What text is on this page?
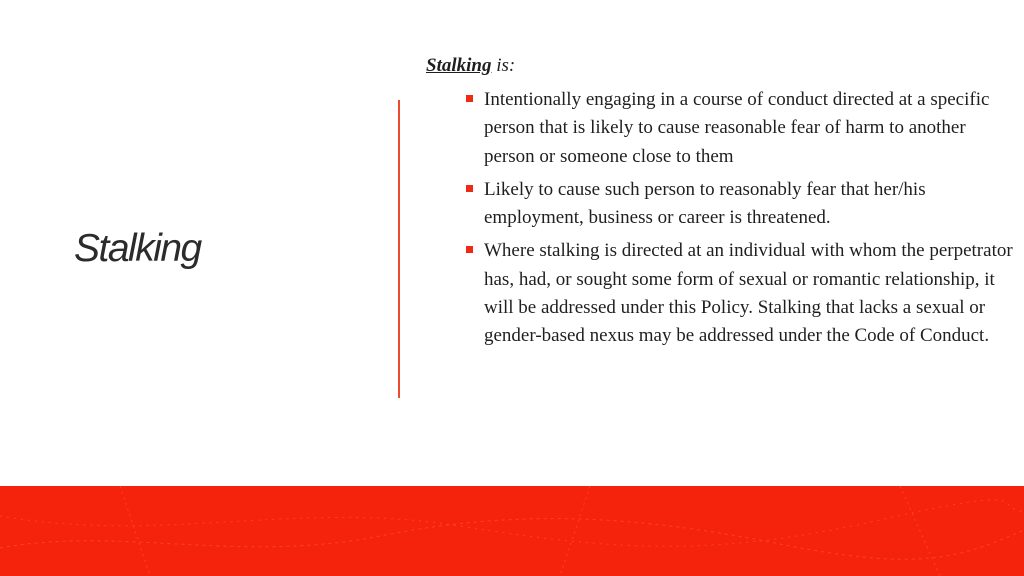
Stalking

Stalking is:

Intentionally engaging in a course of conduct directed at a specific person that is likely to cause reasonable fear of harm to another person or someone close to them
Likely to cause such person to reasonably fear that her/his employment, business or career is threatened.
Where stalking is directed at an individual with whom the perpetrator has, had, or sought some form of sexual or romantic relationship, it will be addressed under this Policy. Stalking that lacks a sexual or gender-based nexus may be addressed under the Code of Conduct.
